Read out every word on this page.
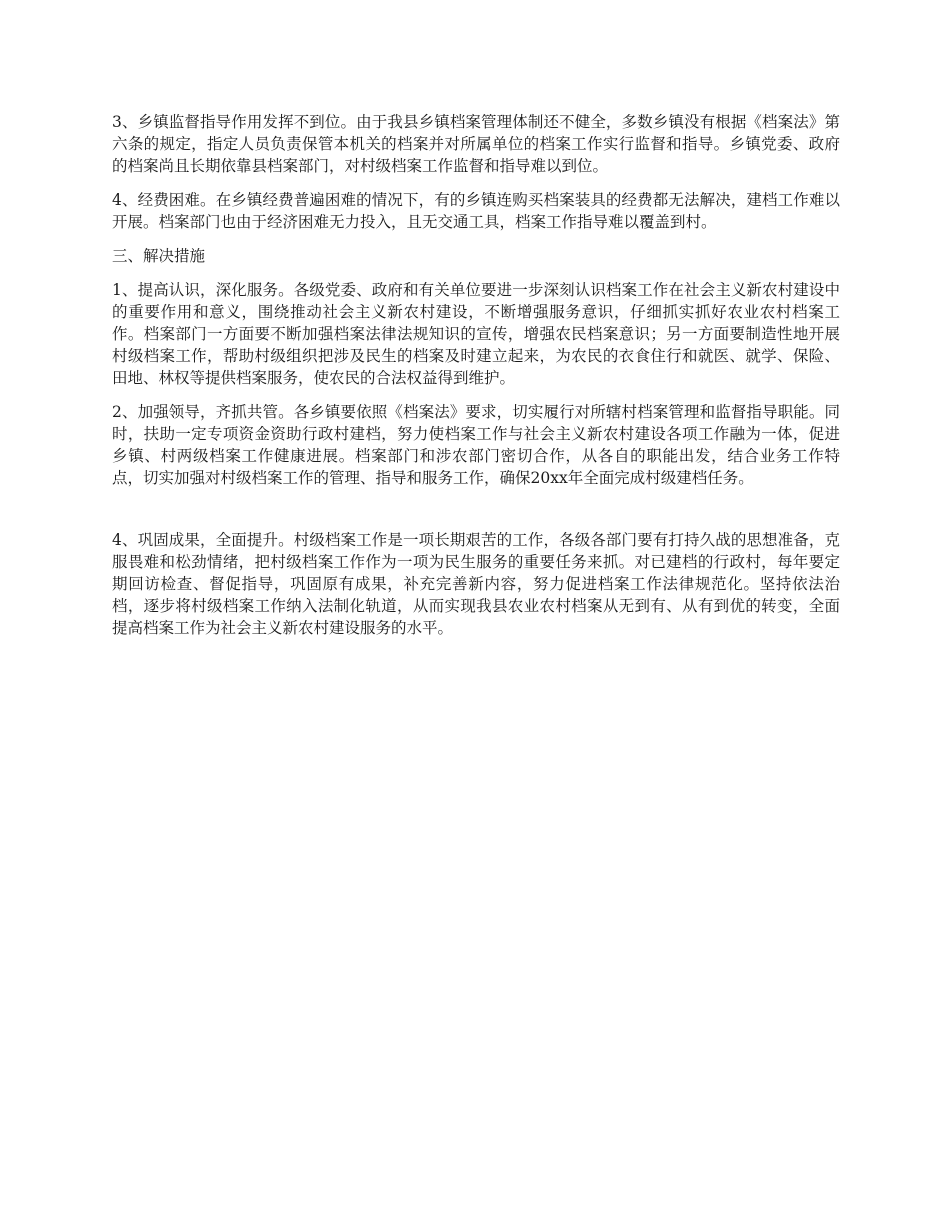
3、乡镇监督指导作用发挥不到位。由于我县乡镇档案管理体制还不健全，多数乡镇没有根据《档案法》第六条的规定，指定人员负责保管本机关的档案并对所属单位的档案工作实行监督和指导。乡镇党委、政府的档案尚且长期依靠县档案部门，对村级档案工作监督和指导难以到位。

4、经费困难。在乡镇经费普遍困难的情况下，有的乡镇连购买档案装具的经费都无法解决，建档工作难以开展。档案部门也由于经济困难无力投入，且无交通工具，档案工作指导难以覆盖到村。

三、解决措施

1、提高认识，深化服务。各级党委、政府和有关单位要进一步深刻认识档案工作在社会主义新农村建设中的重要作用和意义，围绕推动社会主义新农村建设，不断增强服务意识，仔细抓实抓好农业农村档案工作。档案部门一方面要不断加强档案法律法规知识的宣传，增强农民档案意识；另一方面要制造性地开展村级档案工作，帮助村级组织把涉及民生的档案及时建立起来，为农民的衣食住行和就医、就学、保险、田地、林权等提供档案服务，使农民的合法权益得到维护。

2、加强领导，齐抓共管。各乡镇要依照《档案法》要求，切实履行对所辖村档案管理和监督指导职能。同时，扶助一定专项资金资助行政村建档，努力使档案工作与社会主义新农村建设各项工作融为一体，促进乡镇、村两级档案工作健康进展。档案部门和涉农部门密切合作，从各自的职能出发，结合业务工作特点，切实加强对村级档案工作的管理、指导和服务工作，确保20xx年全面完成村级建档任务。

4、巩固成果，全面提升。村级档案工作是一项长期艰苦的工作，各级各部门要有打持久战的思想准备，克服畏难和松劲情绪，把村级档案工作作为一项为民生服务的重要任务来抓。对已建档的行政村，每年要定期回访检查、督促指导，巩固原有成果，补充完善新内容，努力促进档案工作法律规范化。坚持依法治档，逐步将村级档案工作纳入法制化轨道，从而实现我县农业农村档案从无到有、从有到优的转变，全面提高档案工作为社会主义新农村建设服务的水平。
